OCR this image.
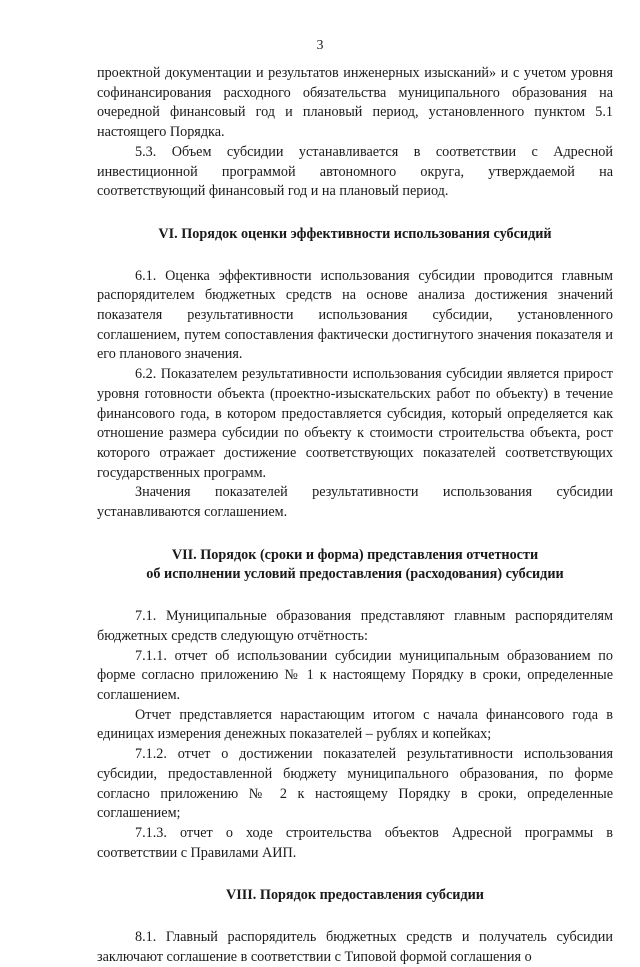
3

проектной документации и результатов инженерных изысканий» и с учетом уровня софинансирования расходного обязательства муниципального образования на очередной финансовый год и плановый период, установленного пунктом 5.1 настоящего Порядка.

5.3. Объем субсидии устанавливается в соответствии с Адресной инвестиционной программой автономного округа, утверждаемой на соответствующий финансовый год и на плановый период.

VI. Порядок оценки эффективности использования субсидий

6.1. Оценка эффективности использования субсидии проводится главным распорядителем бюджетных средств на основе анализа достижения значений показателя результативности использования субсидии, установленного соглашением, путем сопоставления фактически достигнутого значения показателя и его планового значения.

6.2. Показателем результативности использования субсидии является прирост уровня готовности объекта (проектно-изыскательских работ по объекту) в течение финансового года, в котором предоставляется субсидия, который определяется как отношение размера субсидии по объекту к стоимости строительства объекта, рост которого отражает достижение соответствующих показателей соответствующих государственных программ.

Значения показателей результативности использования субсидии устанавливаются соглашением.

VII. Порядок (сроки и форма) представления отчетности

об исполнении условий предоставления (расходования) субсидии

7.1. Муниципальные образования представляют главным распорядителям бюджетных средств следующую отчётность:

7.1.1. отчет об использовании субсидии муниципальным образованием по форме согласно приложению № 1 к настоящему Порядку в сроки, определенные соглашением.

Отчет представляется нарастающим итогом с начала финансового года в единицах измерения денежных показателей – рублях и копейках;

7.1.2. отчет о достижении показателей результативности использования субсидии, предоставленной бюджету муниципального образования, по форме согласно приложению № 2 к настоящему Порядку в сроки, определенные соглашением;

7.1.3. отчет о ходе строительства объектов Адресной программы в соответствии с Правилами АИП.

VIII. Порядок предоставления субсидии

8.1. Главный распорядитель бюджетных средств и получатель субсидии заключают соглашение в соответствии с Типовой формой соглашения о
